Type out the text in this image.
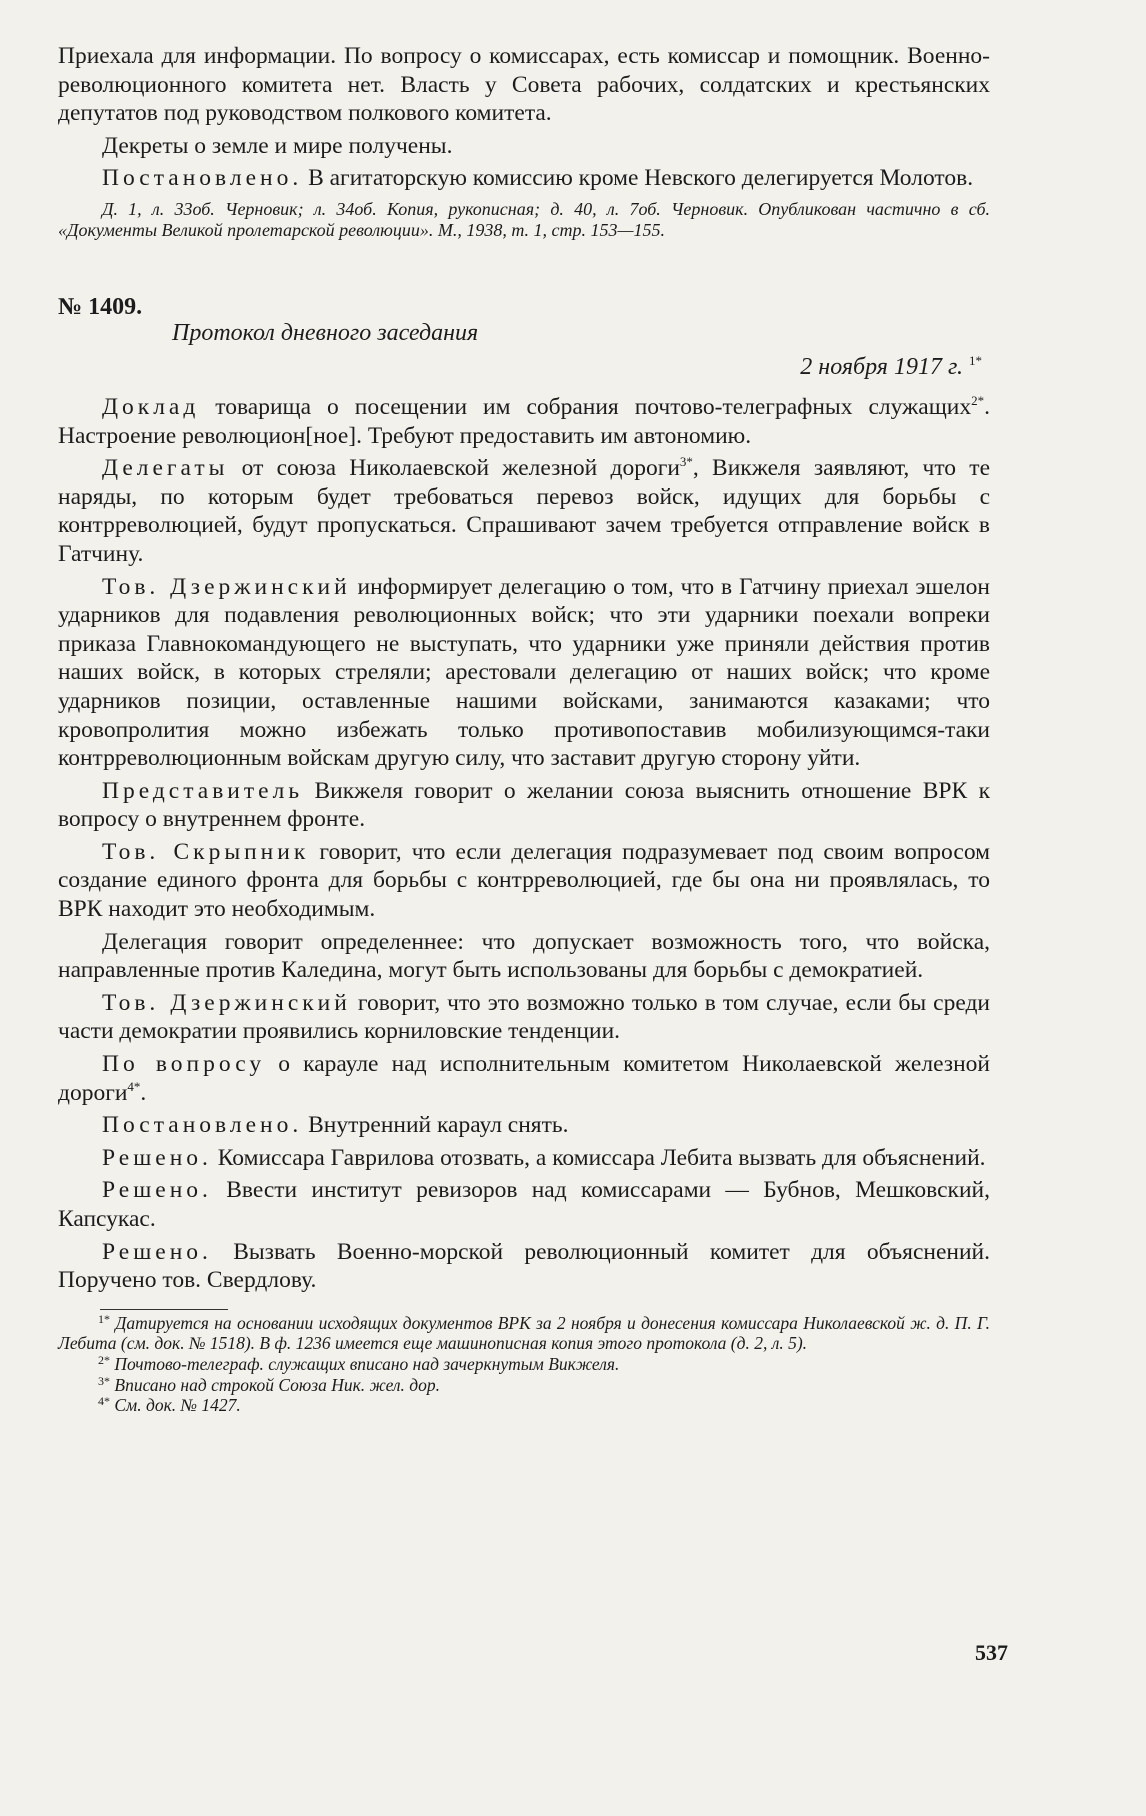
Приехала для информации. По вопросу о комиссарах, есть комиссар и помощник. Военно-революционного комитета нет. Власть у Совета рабочих, солдатских и крестьянских депутатов под руководством полкового комитета.

Декреты о земле и мире получены.

Постановлено. В агитаторскую комиссию кроме Невского делегируется Молотов.

Д. 1, л. 33об. Черновик; л. 34об. Копия, рукописная; д. 40, л. 7об. Черновик. Опубликован частично в сб. «Документы Великой пролетарской революции». М., 1938, т. 1, стр. 153—155.

№ 1409.

Протокол дневного заседания

2 ноября 1917 г. $^{1*}$

Доклад товарища о посещении им собрания почтово-телеграфных служащих$^{2*}$. Настроение революцион[ное]. Требуют предоставить им автономию.

Делегаты от союза Николаевской железной дороги$^{3*}$, Викжеля заявляют, что те наряды, по которым будет требоваться перевоз войск, идущих для борьбы с контрреволюцией, будут пропускаться. Спрашивают зачем требуется отправление войск в Гатчину.

Тов. Дзержинский информирует делегацию о том, что в Гатчину приехал эшелон ударников для подавления революционных войск; что эти ударники поехали вопреки приказа Главнокомандующего не выступать, что ударники уже приняли действия против наших войск, в которых стреляли; арестовали делегацию от наших войск; что кроме ударников позиции, оставленные нашими войсками, занимаются казаками; что кровопролития можно избежать только противопоставив мобилизующимся-таки контрреволюционным войскам другую силу, что заставит другую сторону уйти.

Представитель Викжеля говорит о желании союза выяснить отношение ВРК к вопросу о внутреннем фронте.

Тов. Скрыпник говорит, что если делегация подразумевает под своим вопросом создание единого фронта для борьбы с контрреволюцией, где бы она ни проявлялась, то ВРК находит это необходимым.

Делегация говорит определеннее: что допускает возможность того, что войска, направленные против Каледина, могут быть использованы для борьбы с демократией.

Тов. Дзержинский говорит, что это возможно только в том случае, если бы среди части демократии проявились корниловские тенденции.

По вопросу о карауле над исполнительным комитетом Николаевской железной дороги$^{4*}$.

Постановлено. Внутренний караул снять.

Решено. Комиссара Гаврилова отозвать, а комиссара Лебита вызвать для объяснений.

Решено. Ввести институт ревизоров над комиссарами — Бубнов, Мешковский, Капсукас.

Решено. Вызвать Военно-морской революционный комитет для объяснений. Поручено тов. Свердлову.

$^{1*}$ Датируется на основании исходящих документов ВРК за 2 ноября и донесения комиссара Николаевской ж. д. П. Г. Лебита (см. док. № 1518). В ф. 1236 имеется еще машинописная копия этого протокола (д. 2, л. 5).

$^{2*}$ Почтово-телеграф. служащих вписано над зачеркнутым Викжеля.

$^{3*}$ Вписано над строкой Союза Ник. жел. дор.

$^{4*}$ См. док. № 1427.

537
